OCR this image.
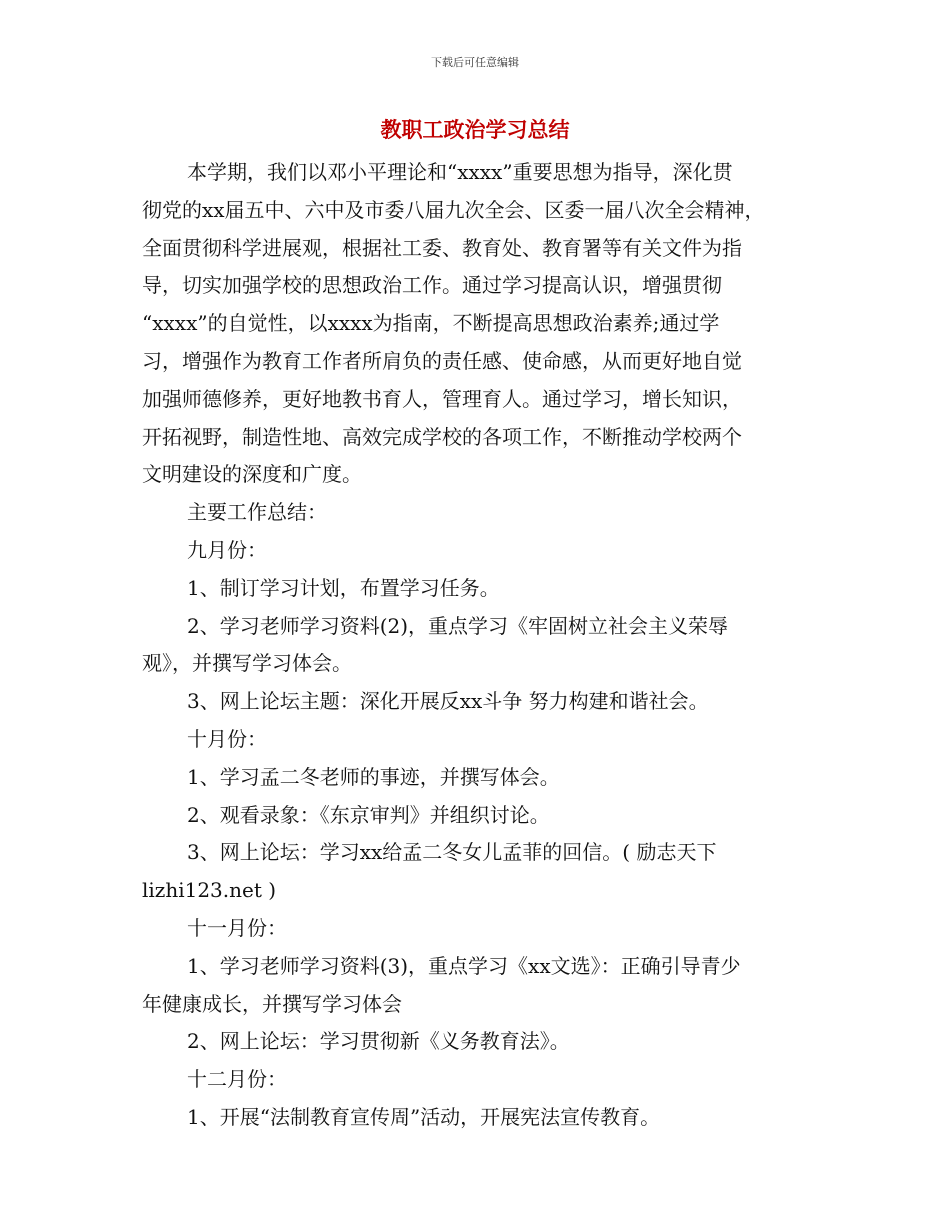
下载后可任意编辑
教职工政治学习总结
本学期，我们以邓小平理论和“xxxx”重要思想为指导，深化贯
彻党的xx届五中、六中及市委八届九次全会、区委一届八次全会精神，
全面贯彻科学进展观，根据社工委、教育处、教育署等有关文件为指
导，切实加强学校的思想政治工作。通过学习提高认识，增强贯彻
“xxxx”的自觉性，以xxxx为指南，不断提高思想政治素养;通过学
习，增强作为教育工作者所肩负的责任感、使命感，从而更好地自觉
加强师德修养，更好地教书育人，管理育人。通过学习，增长知识，
开拓视野，制造性地、高效完成学校的各项工作，不断推动学校两个
文明建设的深度和广度。
主要工作总结：
九月份：
1、制订学习计划，布置学习任务。
2、学习老师学习资料(2)，重点学习《牢固树立社会主义荣辱
观》，并撰写学习体会。
3、网上论坛主题：深化开展反xx斗争 努力构建和谐社会。
十月份：
1、学习孟二冬老师的事迹，并撰写体会。
2、观看录象：《东京审判》并组织讨论。
3、网上论坛：学习xx给孟二冬女儿孟菲的回信。( 励志天下
lizhi123.net )
十一月份：
1、学习老师学习资料(3)，重点学习《xx文选》：正确引导青少
年健康成长，并撰写学习体会
2、网上论坛：学习贯彻新《义务教育法》。
十二月份：
1、开展“法制教育宣传周”活动，开展宪法宣传教育。
